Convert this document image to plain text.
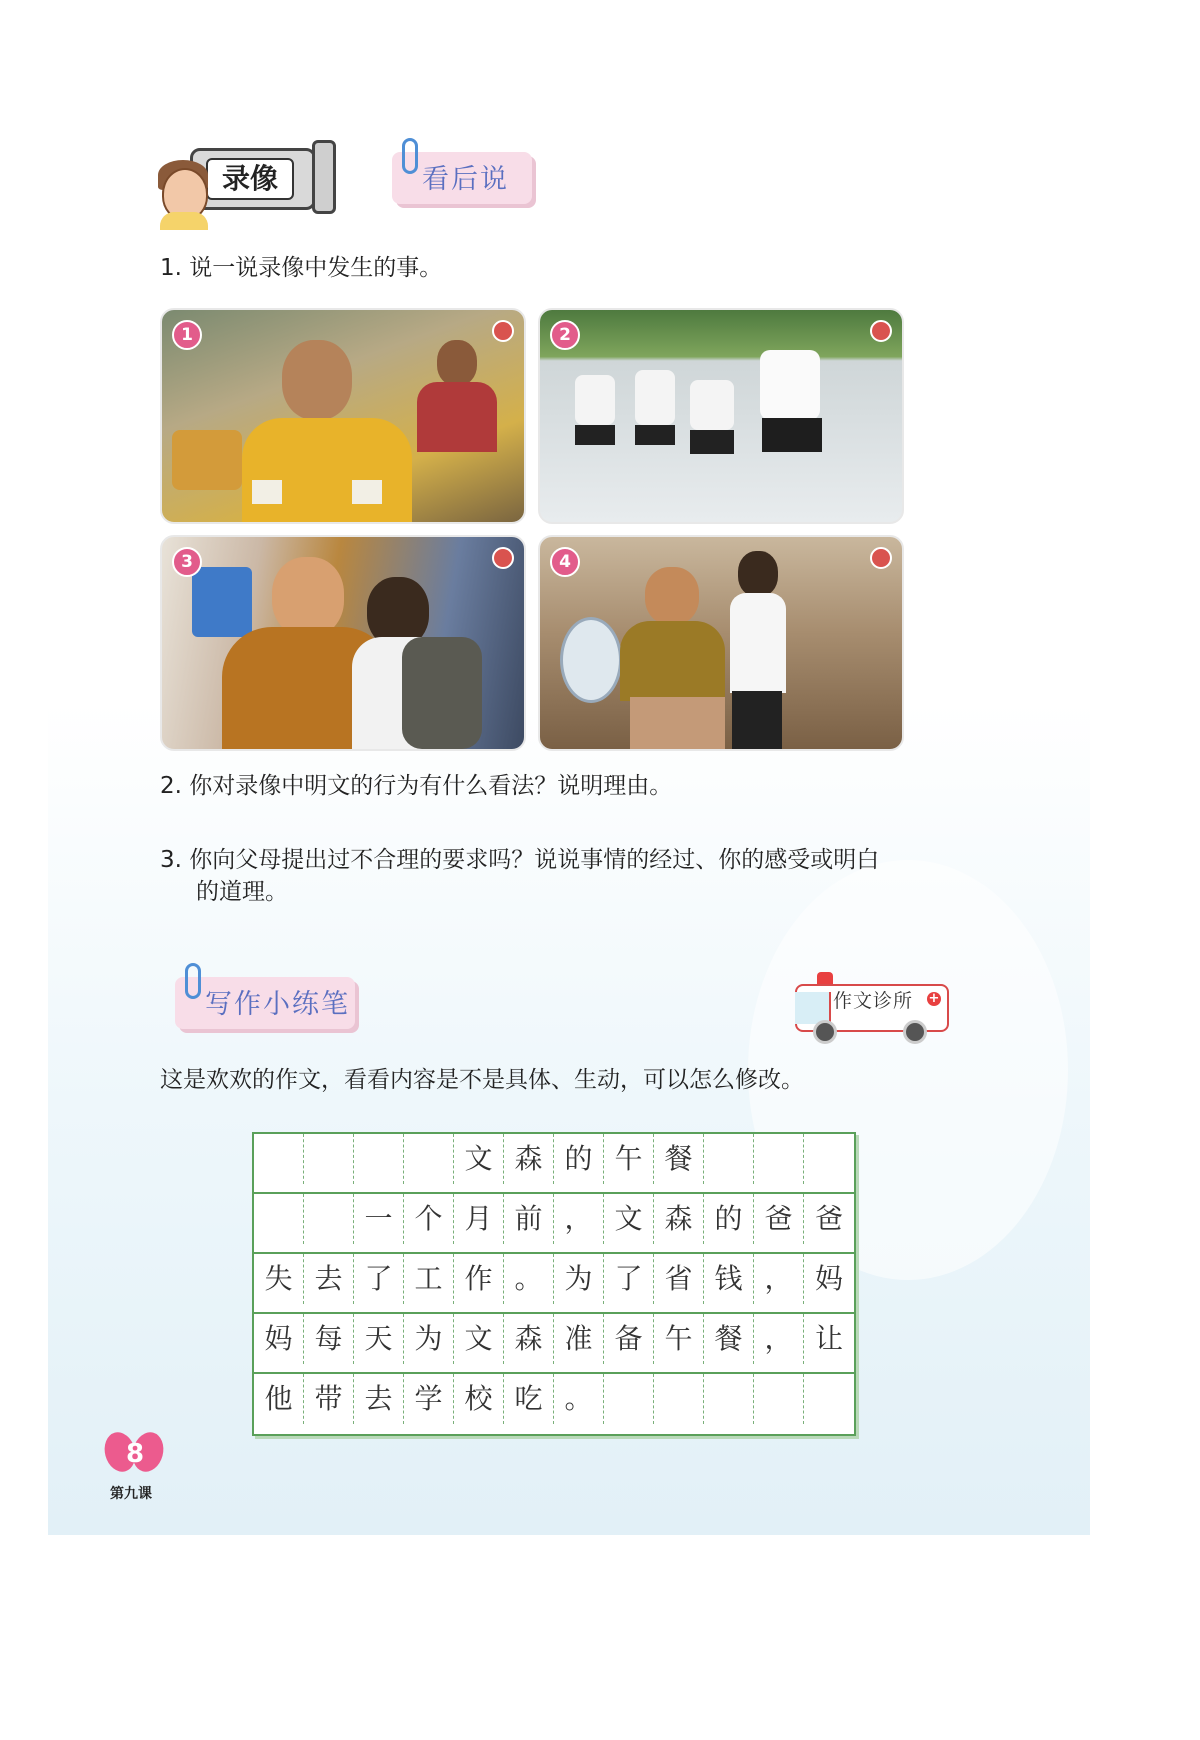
录像	看后说
1. 说一说录像中发生的事。
1	2
3	4
2. 你对录像中明文的行为有什么看法？说明理由。
3. 你向父母提出过不合理的要求吗？说说事情的经过、你的感受或明白
的道理。
写作小练笔	作文诊所 +
这是欢欢的作文，看看内容是不是具体、生动，可以怎么修改。
文 森 的 午 餐
一 个 月 前 ， 文 森 的 爸 爸
失 去 了 工 作 。 为 了 省 钱 ， 妈
妈 每 天 为 文 森 准 备 午 餐 ， 让
他 带 去 学 校 吃 。
8
第九课
